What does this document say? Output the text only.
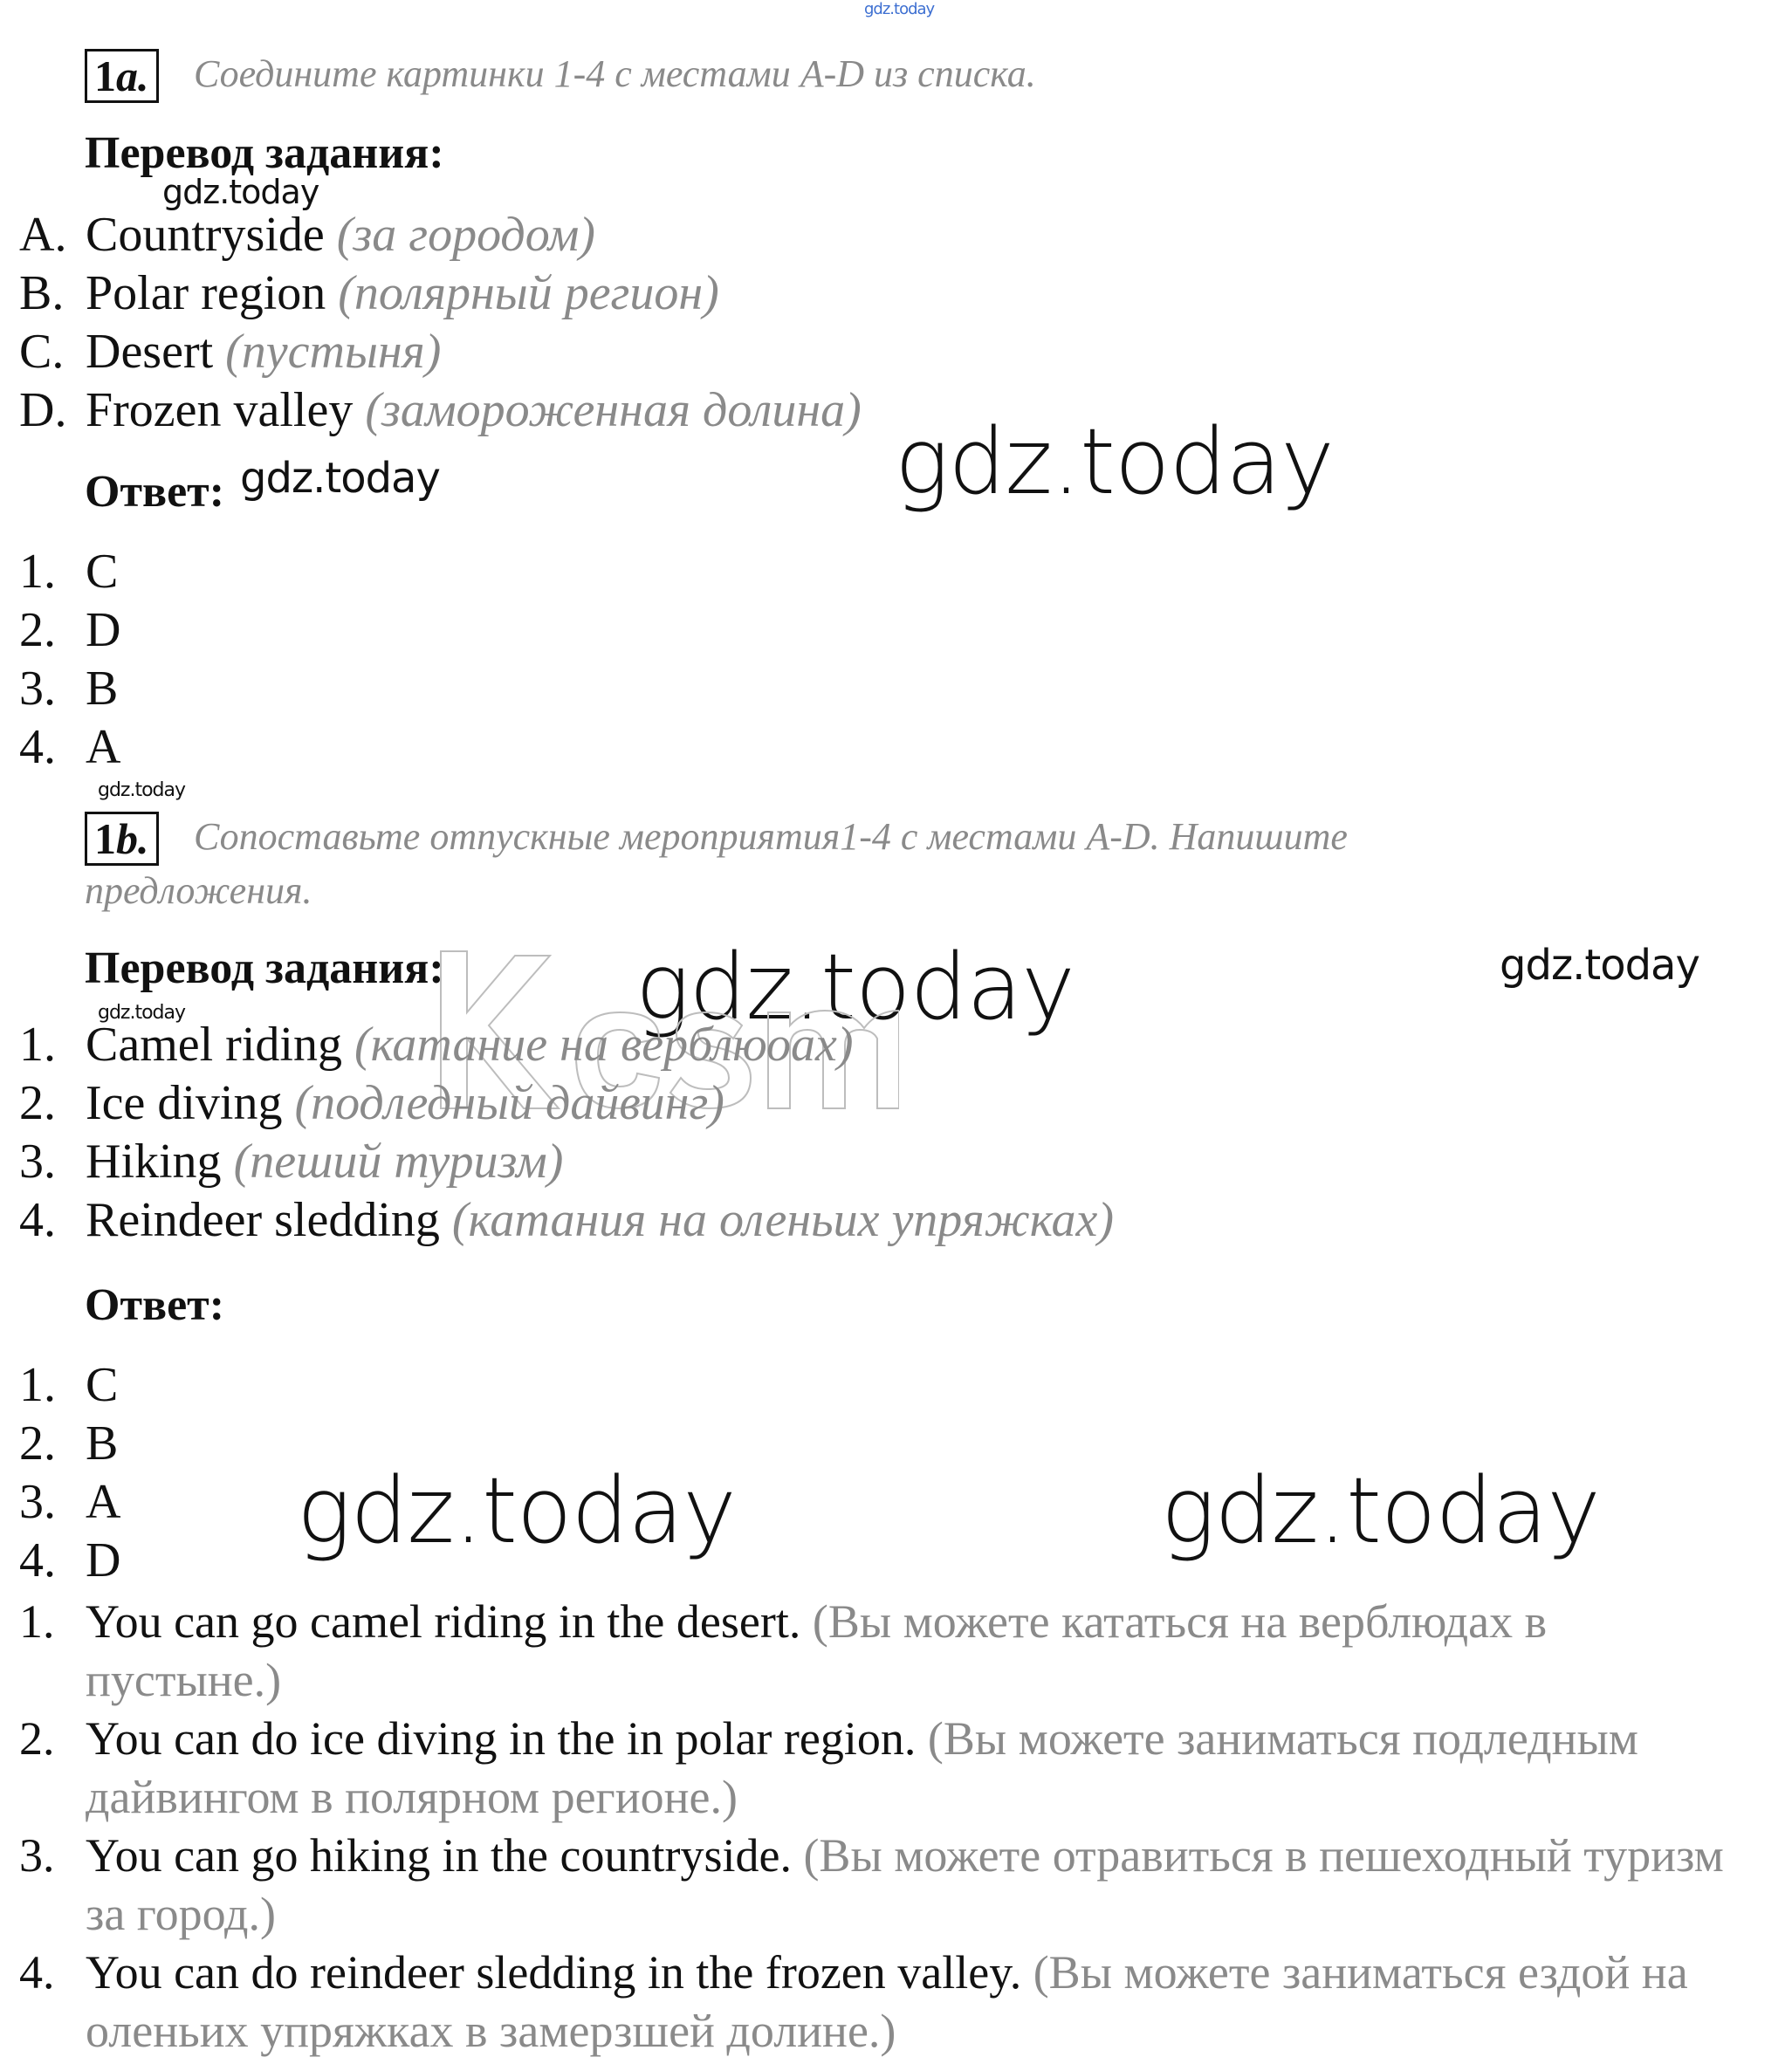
gdz.today
1a. Соедините картинки 1-4 с местами A-D из списка.
Перевод задания:
gdz.today
A. Countryside (за городом)
B. Polar region (полярный регион)
C. Desert (пустыня)
D. Frozen valley (замороженная долина) gdz.today
Ответ: gdz.today
1. C
2. D
3. B
4. A
gdz.today
1b. Сопоставьте отпускные мероприятия1-4 с местами A-D. Напишите
предложения.
Перевод задания: gdz.today	gdz.today
gdz.today
1. Camel riding (катание на верблюоах)
2. Ice diving (подледный дайвинг)
3. Hiking (пеший туризм)
4. Reindeer sledding (катания на оленьих упряжках)
Ответ:
1. C
2. B
3. A
4. D gdz.today	gdz.today
1. You can go camel riding in the desert. (Вы можете кататься на верблюдах в пустыне.)
2. You can do ice diving in the in polar region. (Вы можете заниматься подледным дайвингом в полярном регионе.)
3. You can go hiking in the countryside. (Вы можете отравиться в пешеходный туризм за город.)
4. You can do reindeer sledding in the frozen valley. (Вы можете заниматься ездой на оленьих упряжках в замерзшей долине.)
